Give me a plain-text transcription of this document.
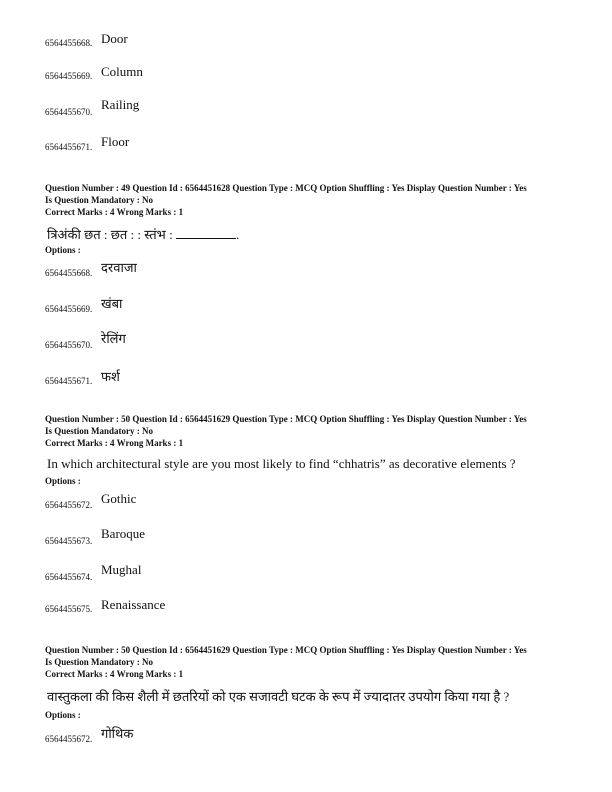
6564455668. Door
6564455669. Column
6564455670. Railing
6564455671. Floor
Question Number : 49 Question Id : 6564451628 Question Type : MCQ Option Shuffling : Yes Display Question Number : Yes
Is Question Mandatory : No
Correct Marks : 4 Wrong Marks : 1
त्रिअंकी छत : छत : : स्तंभ :	.
Options :
6564455668. दरवाजा
6564455669. खंबा
6564455670. रेलिंग
6564455671. फर्श
Question Number : 50 Question Id : 6564451629 Question Type : MCQ Option Shuffling : Yes Display Question Number : Yes
Is Question Mandatory : No
Correct Marks : 4 Wrong Marks : 1
In which architectural style are you most likely to find “chhatris” as decorative elements ?
Options :
6564455672. Gothic
6564455673. Baroque
6564455674. Mughal
6564455675. Renaissance
Question Number : 50 Question Id : 6564451629 Question Type : MCQ Option Shuffling : Yes Display Question Number : Yes
Is Question Mandatory : No
Correct Marks : 4 Wrong Marks : 1
वास्तुकला की किस शैली में छतरियों को एक सजावटी घटक के रूप में ज्यादातर उपयोग किया गया है ?
Options :
6564455672. गोथिक
